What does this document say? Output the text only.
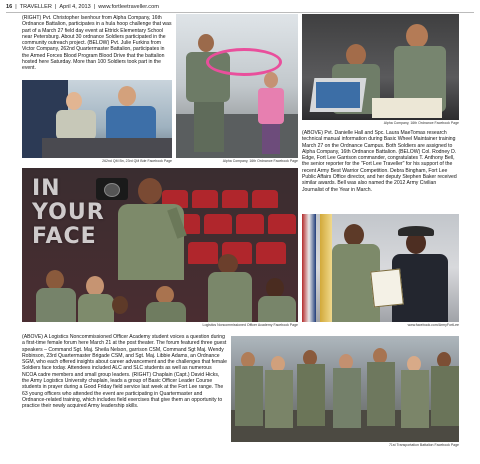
16 | TRAVELLER | April 4, 2013 | www.fortleetraveller.com
(RIGHT) Pvt. Christopher Isenhour from Alpha Company, 16th Ordnance Battalion, participates in a hula hoop challenge that was part of a March 27 field day event at Ettrick Elementary School near Petersburg. About 30 ordnance Soldiers participated in the community outreach project. (BELOW) Pvt. Julie Furkins from Victor Company, 262nd Quartermaster Battalion, participates in the Armed Forces Blood Program Blood Drive that the battalion hosted here Saturday. More than 100 Soldiers took part in the event.
262nd QM Bn, 23rd QM Bde Facebook Page	Alpha Company, 16th Ordnance Facebook Page
Alpha Company, 16th Ordnance Facebook Page
(ABOVE) Pvt. Danielle Hall and Spc. Laura MaeTomas research technical manual information during Basic Wheel Maintainer training March 27 on the Ordnance Campus. Both Soldiers are assigned to Alpha Company, 16th Ordnance Battalion. (BELOW) Col. Rodney D. Edge, Fort Lee Garrison commander, congratulates T. Anthony Bell, the senior reporter for the "Fort Lee Traveller" for his support of the recent Army Best Warrior Competition. Debra Bingham, Fort Lee Public Affairs Office director, and her deputy Stephen Baker received similar awards. Bell was also named the 2012 Army Civilian Journalist of the Year in March.
IN
YOUR
FACE
Logistics Noncommissioned Officer Academy Facebook Page	www.facebook.com/ArmyFortLee
(ABOVE) A Logistics Noncommissioned Officer Academy student voices a question during a first-time female forum here March 21 at the post theater. The forum featured three guest speakers – Command Sgt. Maj. Sheila Nelson, garrison CSM, Command Sgt Maj. Wendy Robinson, 23rd Quartermaster Brigade CSM, and Sgt. Maj. Libbie Adams, an Ordnance SGM, who each offered insights about career advancement and the challenges that female Soldiers face today. Attendees included ALC and SLC students as well as numerous NCOA cadre members and small group leaders. (RIGHT) Chaplain (Capt.) David Hicks, the Army Logistics University chaplain, leads a group of Basic Officer Leader Course students in prayer during a Good Friday field service last week at the Fort Lee range. The 63 young officers who attended the event are participating in Quartermaster and Ordnance-related training, which includes field exercises that give them an opportunity to practice their newly acquired Army leadership skills.
71st Transportation Battalion Facebook Page
